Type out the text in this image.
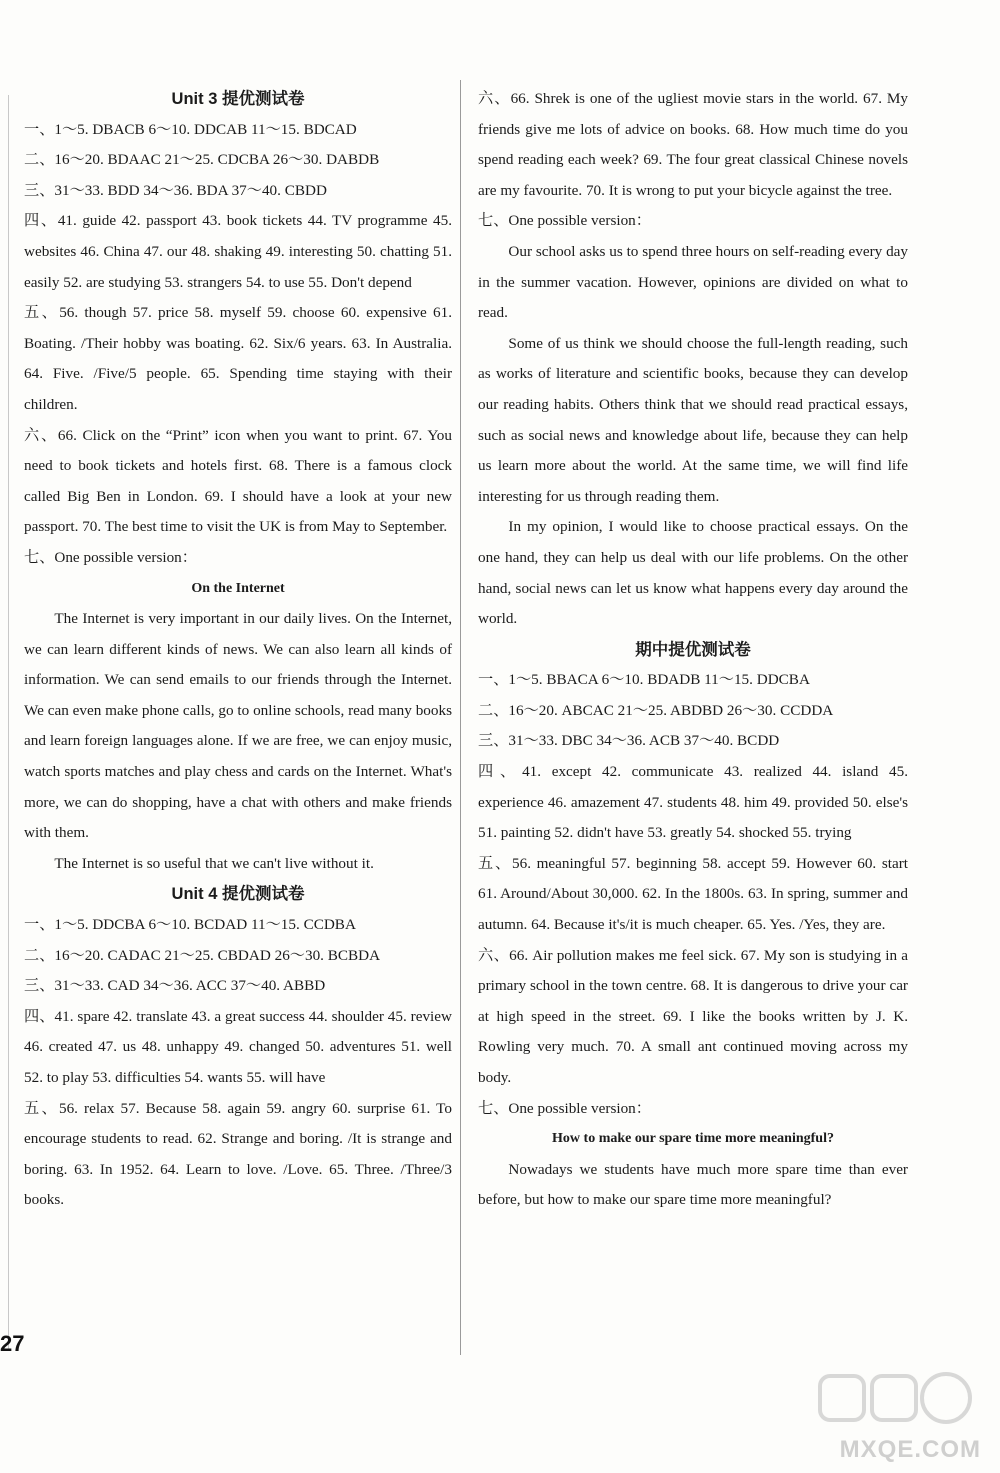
Unit 3 提优测试卷
一、1～5. DBACB 6～10. DDCAB 11～15. BDCAD
二、16～20. BDAAC 21～25. CDCBA 26～30. DABDB
三、31～33. BDD 34～36. BDA 37～40. CBDD
四、41. guide 42. passport 43. book tickets 44. TV programme 45. websites 46. China 47. our 48. shaking 49. interesting 50. chatting 51. easily 52. are studying 53. strangers 54. to use 55. Don't depend
五、56. though 57. price 58. myself 59. choose 60. expensive 61. Boating. /Their hobby was boating. 62. Six/6 years. 63. In Australia. 64. Five. /Five/5 people. 65. Spending time staying with their children.
六、66. Click on the “Print” icon when you want to print. 67. You need to book tickets and hotels first. 68. There is a famous clock called Big Ben in London. 69. I should have a look at your new passport. 70. The best time to visit the UK is from May to September.
七、One possible version：
On the Internet
The Internet is very important in our daily lives. On the Internet, we can learn different kinds of news. We can also learn all kinds of information. We can send emails to our friends through the Internet. We can even make phone calls, go to online schools, read many books and learn foreign languages alone. If we are free, we can enjoy music, watch sports matches and play chess and cards on the Internet. What's more, we can do shopping, have a chat with others and make friends with them.
The Internet is so useful that we can't live without it.
Unit 4 提优测试卷
一、1～5. DDCBA 6～10. BCDAD 11～15. CCDBA
二、16～20. CADAC 21～25. CBDAD 26～30. BCBDA
三、31～33. CAD 34～36. ACC 37～40. ABBD
四、41. spare 42. translate 43. a great success 44. shoulder 45. review 46. created 47. us 48. unhappy 49. changed 50. adventures 51. well 52. to play 53. difficulties 54. wants 55. will have
五、56. relax 57. Because 58. again 59. angry 60. surprise 61. To encourage students to read. 62. Strange and boring. /It is strange and boring. 63. In 1952. 64. Learn to love. /Love. 65. Three. /Three/3 books.
六、66. Shrek is one of the ugliest movie stars in the world. 67. My friends give me lots of advice on books. 68. How much time do you spend reading each week? 69. The four great classical Chinese novels are my favourite. 70. It is wrong to put your bicycle against the tree.
七、One possible version：
Our school asks us to spend three hours on self-reading every day in the summer vacation. However, opinions are divided on what to read.
Some of us think we should choose the full-length reading, such as works of literature and scientific books, because they can develop our reading habits. Others think that we should read practical essays, such as social news and knowledge about life, because they can help us learn more about the world. At the same time, we will find life interesting for us through reading them.
In my opinion, I would like to choose practical essays. On the one hand, they can help us deal with our life problems. On the other hand, social news can let us know what happens every day around the world.
期中提优测试卷
一、1～5. BBACA 6～10. BDADB 11～15. DDCBA
二、16～20. ABCAC 21～25. ABDBD 26～30. CCDDA
三、31～33. DBC 34～36. ACB 37～40. BCDD
四、41. except 42. communicate 43. realized 44. island 45. experience 46. amazement 47. students 48. him 49. provided 50. else's 51. painting 52. didn't have 53. greatly 54. shocked 55. trying
五、56. meaningful 57. beginning 58. accept 59. However 60. start 61. Around/About 30,000. 62. In the 1800s. 63. In spring, summer and autumn. 64. Because it's/it is much cheaper. 65. Yes. /Yes, they are.
六、66. Air pollution makes me feel sick. 67. My son is studying in a primary school in the town centre. 68. It is dangerous to drive your car at high speed in the street. 69. I like the books written by J. K. Rowling very much. 70. A small ant continued moving across my body.
七、One possible version：
How to make our spare time more meaningful?
Nowadays we students have much more spare time than ever before, but how to make our spare time more meaningful?
27
MXQE.COM
